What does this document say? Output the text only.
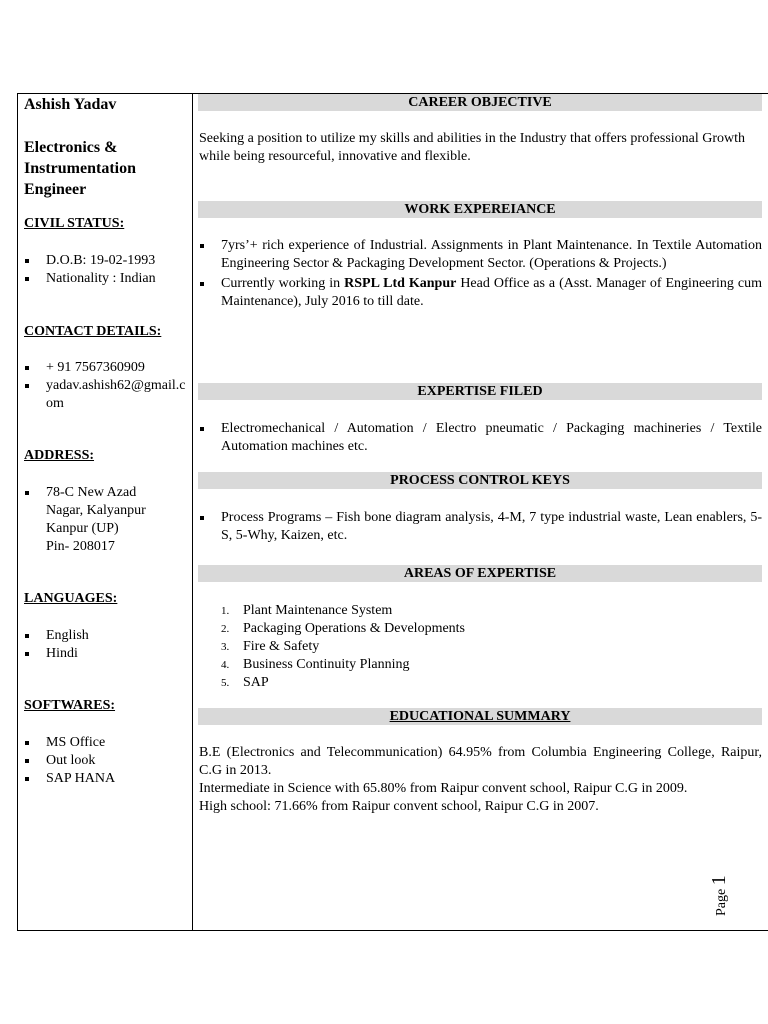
Ashish Yadav
Electronics & Instrumentation Engineer
CIVIL STATUS:
D.O.B: 19-02-1993
Nationality : Indian
CONTACT DETAILS:
+ 91 7567360909
yadav.ashish62@gmail.com
ADDRESS:
78-C New Azad
Nagar, Kalyanpur
Kanpur (UP)
Pin- 208017
LANGUAGES:
English
Hindi
SOFTWARES:
MS Office
Out look
SAP HANA
CAREER OBJECTIVE
Seeking a position to utilize my skills and abilities in the Industry that offers professional Growth while being resourceful, innovative and flexible.
WORK EXPEREIANCE
7yrs’+ rich experience of Industrial. Assignments in Plant Maintenance. In Textile Automation Engineering Sector & Packaging Development Sector. (Operations & Projects.)
Currently working in RSPL Ltd Kanpur Head Office as a (Asst. Manager of Engineering cum Maintenance), July 2016 to till date.
EXPERTISE FILED
Electromechanical / Automation / Electro pneumatic / Packaging machineries / Textile Automation machines etc.
PROCESS CONTROL KEYS
Process Programs – Fish bone diagram analysis, 4-M, 7 type industrial waste, Lean enablers, 5-S, 5-Why, Kaizen, etc.
AREAS OF EXPERTISE
1. Plant Maintenance System
2. Packaging Operations & Developments
3. Fire & Safety
4. Business Continuity Planning
5. SAP
EDUCATIONAL SUMMARY
B.E (Electronics and Telecommunication) 64.95% from Columbia Engineering College, Raipur, C.G in 2013.
Intermediate in Science with 65.80% from Raipur convent school, Raipur C.G in 2009.
High school: 71.66% from Raipur convent school, Raipur C.G in 2007.
Page 1
